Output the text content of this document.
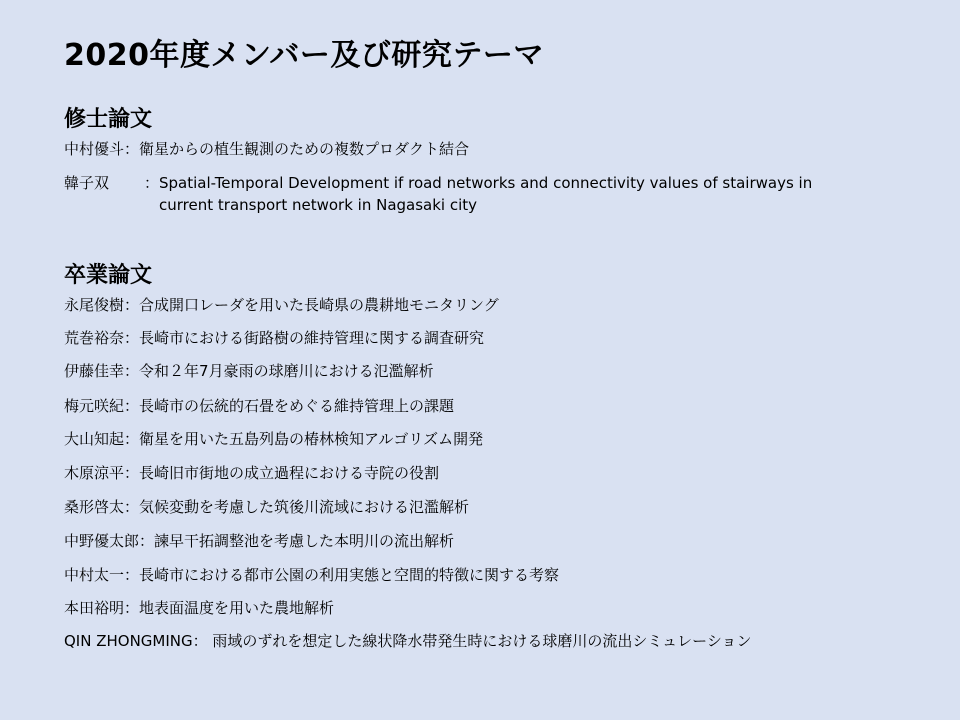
2020年度メンバー及び研究テーマ
修士論文
中村優斗：衛星からの植生観測のための複数プロダクト結合
韓子双 ：Spatial-Temporal Development if road networks and connectivity values of stairways in current transport network in Nagasaki city
卒業論文
永尾俊樹：合成開口レーダを用いた長崎県の農耕地モニタリング
荒巻裕奈：長崎市における街路樹の維持管理に関する調査研究
伊藤佳幸：令和２年7月豪雨の球磨川における氾濫解析
梅元咲紀：長崎市の伝統的石畳をめぐる維持管理上の課題
大山知起：衛星を用いた五島列島の椿林検知アルゴリズム開発
木原涼平：長崎旧市街地の成立過程における寺院の役割
桑形啓太：気候変動を考慮した筑後川流域における氾濫解析
中野優太郎：諫早干拓調整池を考慮した本明川の流出解析
中村太一：長崎市における都市公園の利用実態と空間的特徴に関する考察
本田裕明：地表面温度を用いた農地解析
QIN ZHONGMING： 雨域のずれを想定した線状降水帯発生時における球磨川の流出シミュレーション
